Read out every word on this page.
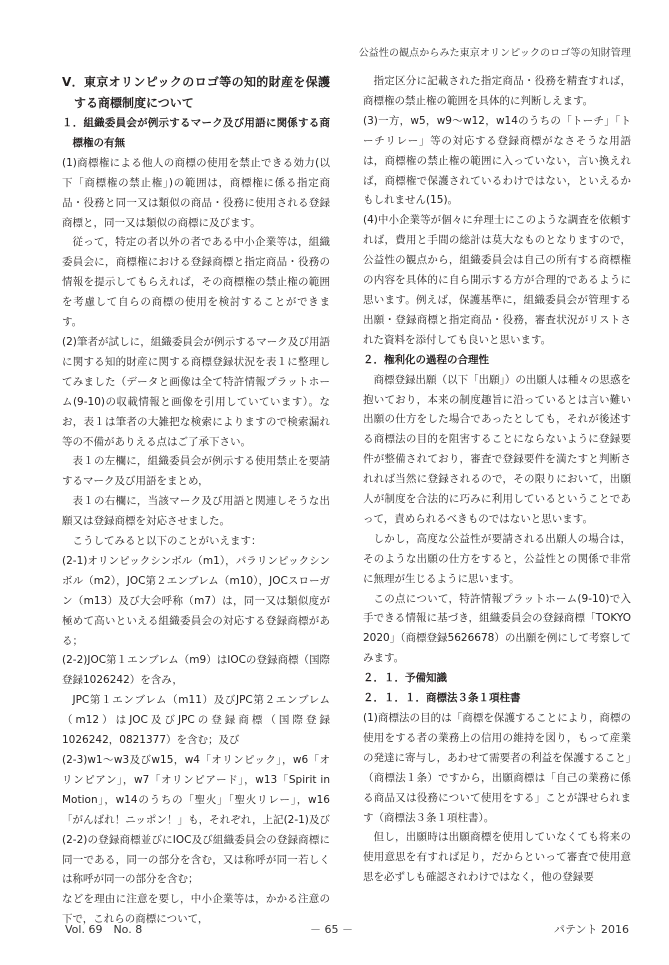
公益性の観点からみた東京オリンピックのロゴ等の知財管理

Ⅴ．東京オリンピックのロゴ等の知的財産を保護する商標制度について

１．組織委員会が例示するマーク及び用語に関係する商標権の有無

(1)商標権による他人の商標の使用を禁止できる効力(以下「商標権の禁止権」)の範囲は，商標権に係る指定商品・役務と同一又は類似の商品・役務に使用される登録商標と，同一又は類似の商標に及びます。

従って，特定の者以外の者である中小企業等は，組織委員会に，商標権における登録商標と指定商品・役務の情報を提示してもらえれば，その商標権の禁止権の範囲を考慮して自らの商標の使用を検討することができます。

(2)筆者が試しに，組織委員会が例示するマーク及び用語に関する知的財産に関する商標登録状況を表１に整理してみました（データと画像は全て特許情報プラットホーム(9-10)の収載情報と画像を引用していています）。なお，表１は筆者の大雑把な検索によりますので検索漏れ等の不備がありえる点はご了承下さい。

表１の左欄に，組織委員会が例示する使用禁止を要請するマーク及び用語をまとめ，

表１の右欄に，当該マーク及び用語と関連しそうな出願又は登録商標を対応させました。

こうしてみると以下のことがいえます：

(2-1)オリンピックシンボル（m1），パラリンピックシンボル（m2），JOC第２エンブレム（m10），JOCスローガン（m13）及び大会呼称（m7）は，同一又は類似度が極めて高いといえる組織委員会の対応する登録商標がある；

(2-2)JOC第１エンブレム（m9）はIOCの登録商標（国際登録1026242）を含み，

JPC第１エンブレム（m11）及びJPC第２エンブレム（m12）はJOC及びJPCの登録商標（国際登録1026242，0821377）を含む；及び

(2-3)w1〜w3及びw15，w4「オリンピック」，w6「オリンピアン」，w7「オリンピアード」，w13「Spirit in Motion」，w14のうちの「聖火」「聖火リレー」，w16「がんばれ！ニッポン！」も，それぞれ，上記(2-1)及び(2-2)の登録商標並びにIOC及び組織委員会の登録商標に同一である，同一の部分を含む，又は称呼が同一若しくは称呼が同一の部分を含む；

などを理由に注意を要し，中小企業等は，かかる注意の下で，これらの商標について，

指定区分に記載された指定商品・役務を精査すれば，商標権の禁止権の範囲を具体的に判断しえます。

(3)一方，w5，w9〜w12，w14のうちの「トーチ」「トーチリレー」等の対応する登録商標がなさそうな用語は，商標権の禁止権の範囲に入っていない，言い換えれば，商標権で保護されているわけではない，といえるかもしれません(15)。

(4)中小企業等が個々に弁理士にこのような調査を依頼すれば，費用と手間の総計は莫大なものとなりますので，公益性の観点から，組織委員会は自己の所有する商標権の内容を具体的に自ら開示する方が合理的であるように思います。例えば，保護基準に，組織委員会が管理する出願・登録商標と指定商品・役務，審査状況がリストされた資料を添付しても良いと思います。

２．権利化の過程の合理性

商標登録出願（以下「出願」）の出願人は種々の思惑を抱いており，本来の制度趣旨に沿っているとは言い難い出願の仕方をした場合であったとしても，それが後述する商標法の目的を阻害することにならないように登録要件が整備されており，審査で登録要件を満たすと判断されれば当然に登録されるので，その限りにおいて，出願人が制度を合法的に巧みに利用しているということであって，責められるべきものではないと思います。

しかし，高度な公益性が要請される出願人の場合は，そのような出願の仕方をすると，公益性との関係で非常に無理が生じるように思います。

この点について，特許情報プラットホーム(9-10)で入手できる情報に基づき，組織委員会の登録商標「TOKYO 2020」（商標登録5626678）の出願を例にして考察してみます。

２．１．予備知識

２．１．１．商標法３条１項柱書

(1)商標法の目的は「商標を保護することにより，商標の使用をする者の業務上の信用の維持を図り，もって産業の発達に寄与し，あわせて需要者の利益を保護すること」（商標法１条）ですから，出願商標は「自己の業務に係る商品又は役務について使用をする」ことが課せられます（商標法３条１項柱書）。

但し，出願時は出願商標を使用していなくても将来の使用意思を有すれば足り，だからといって審査で使用意思を必ずしも確認されわけではなく，他の登録要

Vol. 69　No. 8	－ 65 －	パテント 2016
